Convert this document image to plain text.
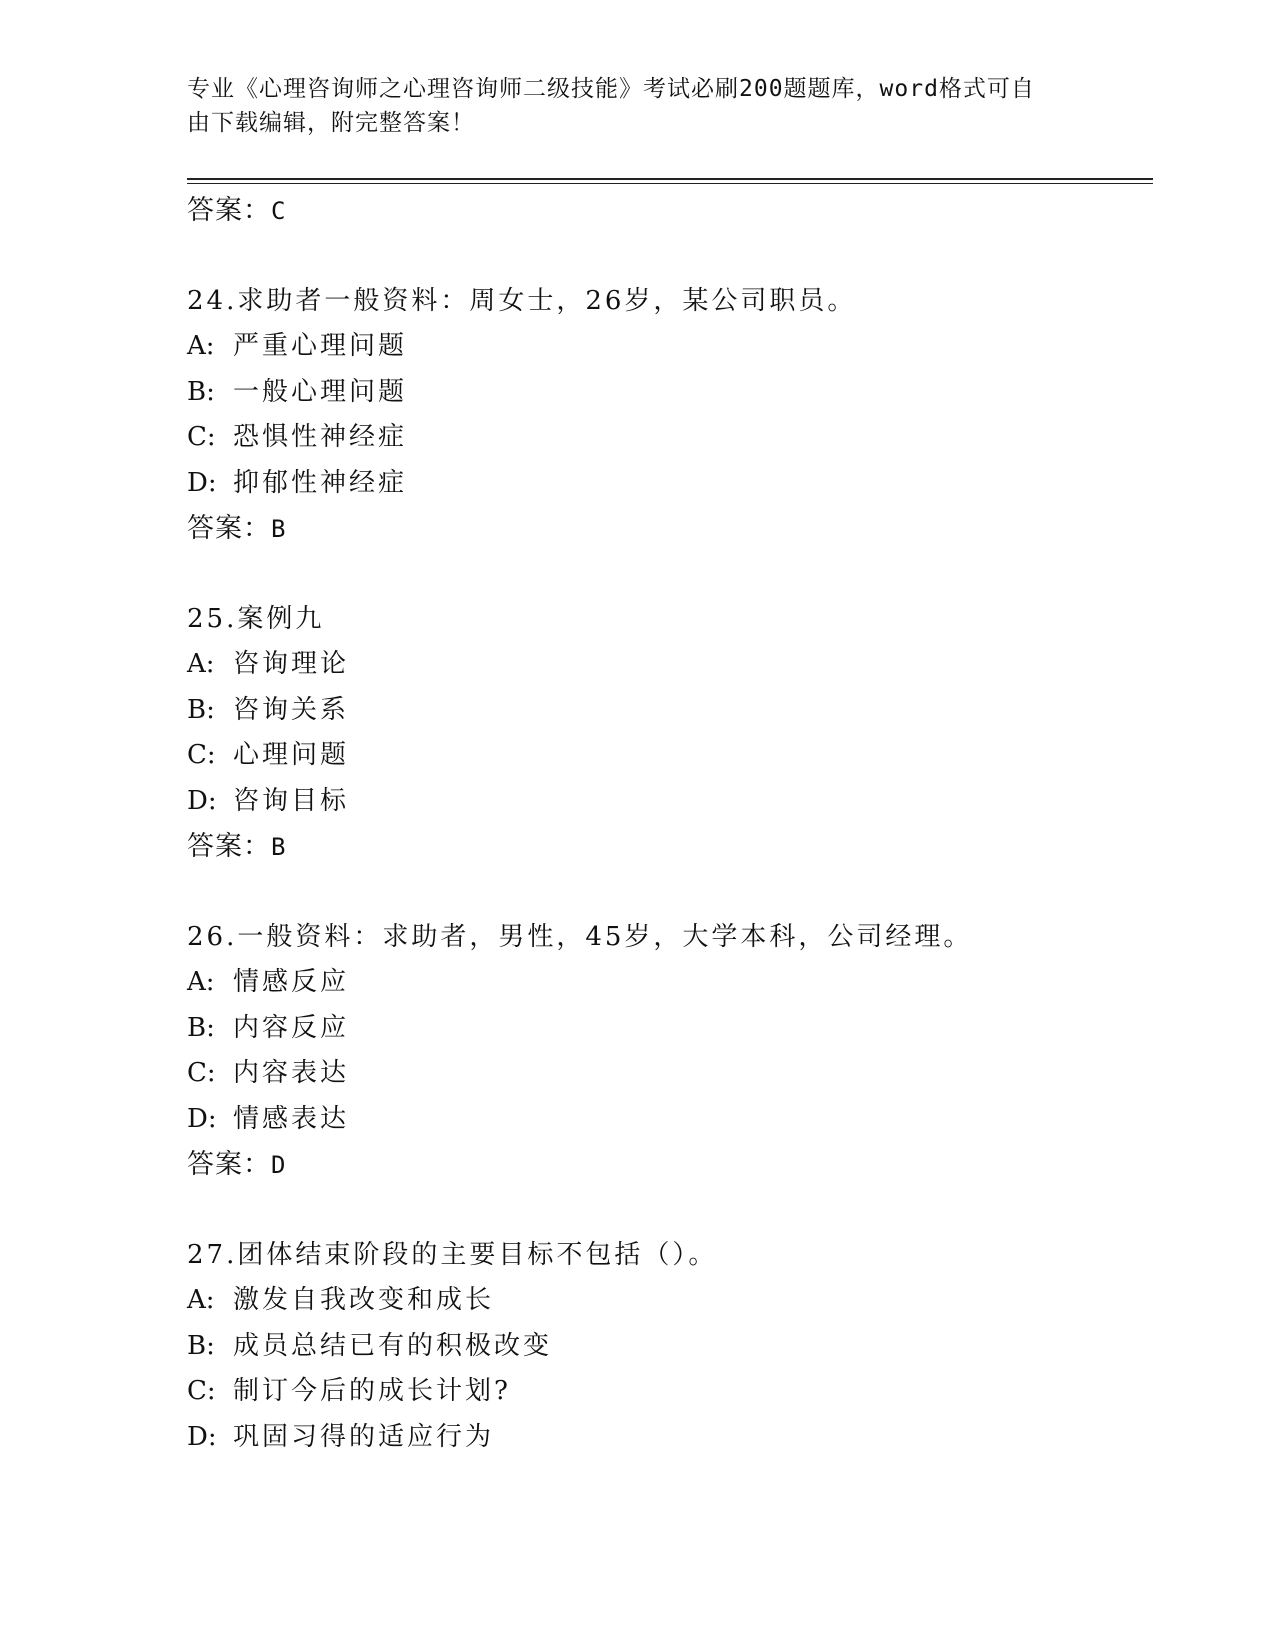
专业《心理咨询师之心理咨询师二级技能》考试必刷200题题库，word格式可自
由下载编辑，附完整答案！
答案：C
24.求助者一般资料：周女士，26岁，某公司职员。
A: 严重心理问题
B: 一般心理问题
C: 恐惧性神经症
D: 抑郁性神经症
答案：B
25.案例九
A: 咨询理论
B: 咨询关系
C: 心理问题
D: 咨询目标
答案：B
26.一般资料：求助者，男性，45岁，大学本科，公司经理。
A: 情感反应
B: 内容反应
C: 内容表达
D: 情感表达
答案：D
27.团体结束阶段的主要目标不包括（）。
A: 激发自我改变和成长
B: 成员总结已有的积极改变
C: 制订今后的成长计划?
D: 巩固习得的适应行为
